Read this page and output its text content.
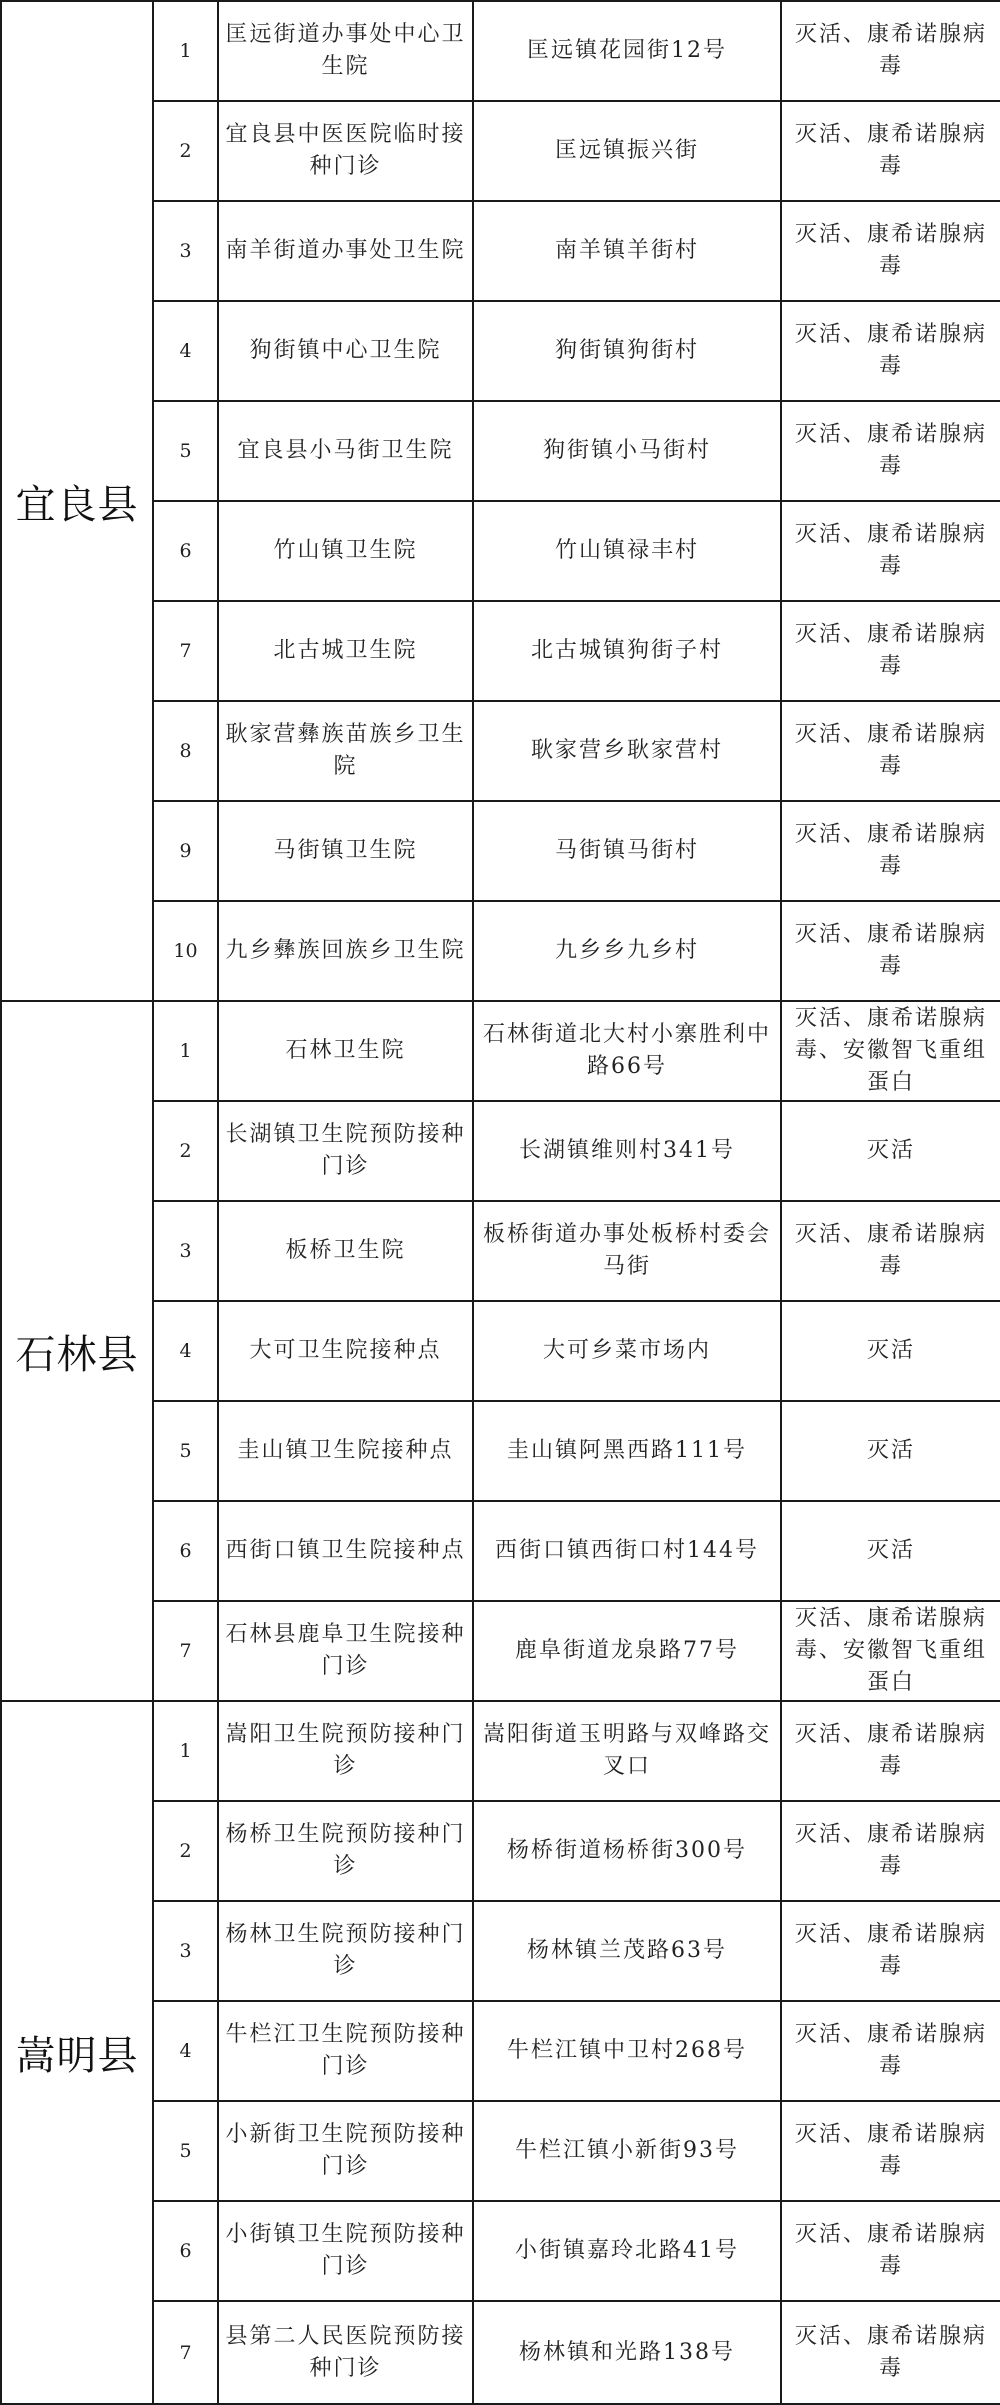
宜良县	1	匡远街道办事处中心卫生院	匡远镇花园街12号	灭活、康希诺腺病毒
	2	宜良县中医医院临时接种门诊	匡远镇振兴街	灭活、康希诺腺病毒
	3	南羊街道办事处卫生院	南羊镇羊街村	灭活、康希诺腺病毒
	4	狗街镇中心卫生院	狗街镇狗街村	灭活、康希诺腺病毒
	5	宜良县小马街卫生院	狗街镇小马街村	灭活、康希诺腺病毒
	6	竹山镇卫生院	竹山镇禄丰村	灭活、康希诺腺病毒
	7	北古城卫生院	北古城镇狗街子村	灭活、康希诺腺病毒
	8	耿家营彝族苗族乡卫生院	耿家营乡耿家营村	灭活、康希诺腺病毒
	9	马街镇卫生院	马街镇马街村	灭活、康希诺腺病毒
	10	九乡彝族回族乡卫生院	九乡乡九乡村	灭活、康希诺腺病毒
石林县	1	石林卫生院	石林街道北大村小寨胜利中路66号	灭活、康希诺腺病毒、安徽智飞重组蛋白
	2	长湖镇卫生院预防接种门诊	长湖镇维则村341号	灭活
	3	板桥卫生院	板桥街道办事处板桥村委会马街	灭活、康希诺腺病毒
	4	大可卫生院接种点	大可乡菜市场内	灭活
	5	圭山镇卫生院接种点	圭山镇阿黑西路111号	灭活
	6	西街口镇卫生院接种点	西街口镇西街口村144号	灭活
	7	石林县鹿阜卫生院接种门诊	鹿阜街道龙泉路77号	灭活、康希诺腺病毒、安徽智飞重组蛋白
嵩明县	1	嵩阳卫生院预防接种门诊	嵩阳街道玉明路与双峰路交叉口	灭活、康希诺腺病毒
	2	杨桥卫生院预防接种门诊	杨桥街道杨桥街300号	灭活、康希诺腺病毒
	3	杨林卫生院预防接种门诊	杨林镇兰茂路63号	灭活、康希诺腺病毒
	4	牛栏江卫生院预防接种门诊	牛栏江镇中卫村268号	灭活、康希诺腺病毒
	5	小新街卫生院预防接种门诊	牛栏江镇小新街93号	灭活、康希诺腺病毒
	6	小街镇卫生院预防接种门诊	小街镇嘉玲北路41号	灭活、康希诺腺病毒
	7	县第二人民医院预防接种门诊	杨林镇和光路138号	灭活、康希诺腺病毒
